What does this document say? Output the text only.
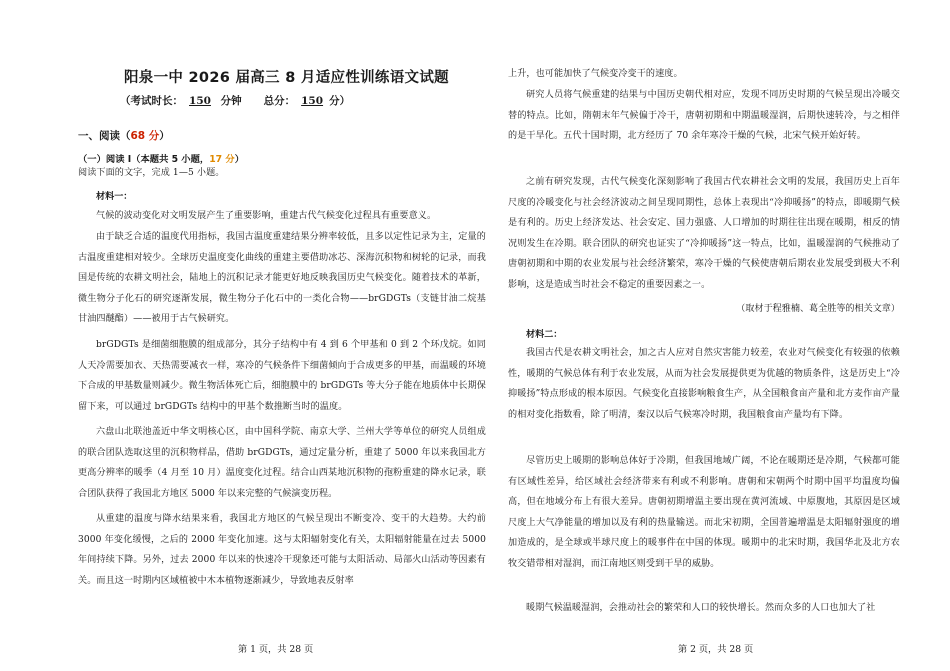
阳泉一中 2026 届高三 8 月适应性训练语文试题
（考试时长： 150 分钟 总分： 150 分）
一、阅读（68 分）
（一）阅读 I（本题共 5 小题，17 分）
阅读下面的文字，完成 1—5 小题。
材料一：

气候的波动变化对文明发展产生了重要影响，重建古代气候变化过程具有重要意义。

由于缺乏合适的温度代用指标，我国古温度重建结果分辨率较低，且多以定性记录为主，定量的古温度重建相对较少。全球历史温度变化曲线的重建主要借助冰芯、深海沉积物和树轮的记录，而我国是传统的农耕文明社会，陆地上的沉积记录才能更好地反映我国历史气候变化。随着技术的革新，微生物分子化石的研究逐渐发展，微生物分子化石中的一类化合物——brGDGTs（支链甘油二烷基甘油四醚酯）——被用于古气候研究。

brGDGTs 是细菌细胞膜的组成部分，其分子结构中有 4 到 6 个甲基和 0 到 2 个环戊烷。如同人天冷需要加衣、天热需要减衣一样，寒冷的气候条件下细菌倾向于合成更多的甲基，而温暖的环境下合成的甲基数量则减少。微生物活体死亡后，细胞膜中的 brGDGTs 等大分子能在地质体中长期保留下来，可以通过 brGDGTs 结构中的甲基个数推断当时的温度。

六盘山北联池盖近中华文明核心区，由中国科学院、南京大学、兰州大学等单位的研究人员组成的联合团队选取这里的沉积物样品，借助 brGDGTs，通过定量分析，重建了 5000 年以来我国北方更高分辨率的暖季（4 月至 10 月）温度变化过程。结合山西某地沉积物的孢粉重建的降水记录，联合团队获得了我国北方地区 5000 年以来完整的气候演变历程。

从重建的温度与降水结果来看，我国北方地区的气候呈现出不断变冷、变干的大趋势。大约前 3000 年变化缓慢，之后的 2000 年变化加速。这与太阳辐射变化有关，太阳辐射能量在过去 5000 年间持续下降。另外，过去 2000 年以来的快速冷干现象还可能与太阳活动、局部火山活动等因素有关。而且这一时期内区域植被中木本植物逐渐减少，导致地表反射率

第 1 页，共 28 页

上升，也可能加快了气候变冷变干的速度。

研究人员将气候重建的结果与中国历史朝代相对应，发现不同历史时期的气候呈现出冷暖交替的特点。比如，隋朝末年气候偏于冷干，唐朝初期和中期温暖湿润，后期快速转冷，与之相伴的是干旱化。五代十国时期，北方经历了 70 余年寒冷干燥的气候，北宋气候开始好转。

之前有研究发现，古代气候变化深刻影响了我国古代农耕社会文明的发展，我国历史上百年尺度的冷暖变化与社会经济波动之间呈现同期性，总体上表现出“冷抑暖扬”的特点，即暖期气候是有利的。历史上经济发达、社会安定、国力强盛、人口增加的时期往往出现在暖期，相反的情况则发生在冷期。联合团队的研究也证实了“冷抑暖扬”这一特点，比如，温暖湿润的气候推动了唐朝初期和中期的农业发展与社会经济繁荣，寒冷干燥的气候使唐朝后期农业发展受到极大不利影响，这是造成当时社会不稳定的重要因素之一。

（取材于程雅楠、葛全胜等的相关文章）
材料二：

我国古代是农耕文明社会，加之古人应对自然灾害能力较差，农业对气候变化有较强的依赖性，暖期的气候总体有利于农业发展，从而为社会发展提供更为优越的物质条件，这是历史上“冷抑暖扬”特点形成的根本原因。气候变化直接影响粮食生产，从全国粮食亩产量和北方麦作亩产量的相对变化指数看，除了明清，秦汉以后气候寒冷时期，我国粮食亩产量均有下降。

尽管历史上暖期的影响总体好于冷期，但我国地域广阔，不论在暖期还是冷期，气候都可能有区域性差异，给区域社会经济带来有利或不利影响。唐朝和宋朝两个时期中国平均温度均偏高，但在地域分布上有很大差异。唐朝初期增温主要出现在黄河流域、中原腹地，其原因是区域尺度上大气净能量的增加以及有利的热量输送。而北宋初期，全国普遍增温是太阳辐射强度的增加造成的，是全球或半球尺度上的暖事件在中国的体现。暖期中的北宋时期，我国华北及北方农牧交错带相对湿润，而江南地区则受到干旱的威胁。

暖期气候温暖湿润，会推动社会的繁荣和人口的较快增长。然而众多的人口也加大了社

第 2 页，共 28 页
